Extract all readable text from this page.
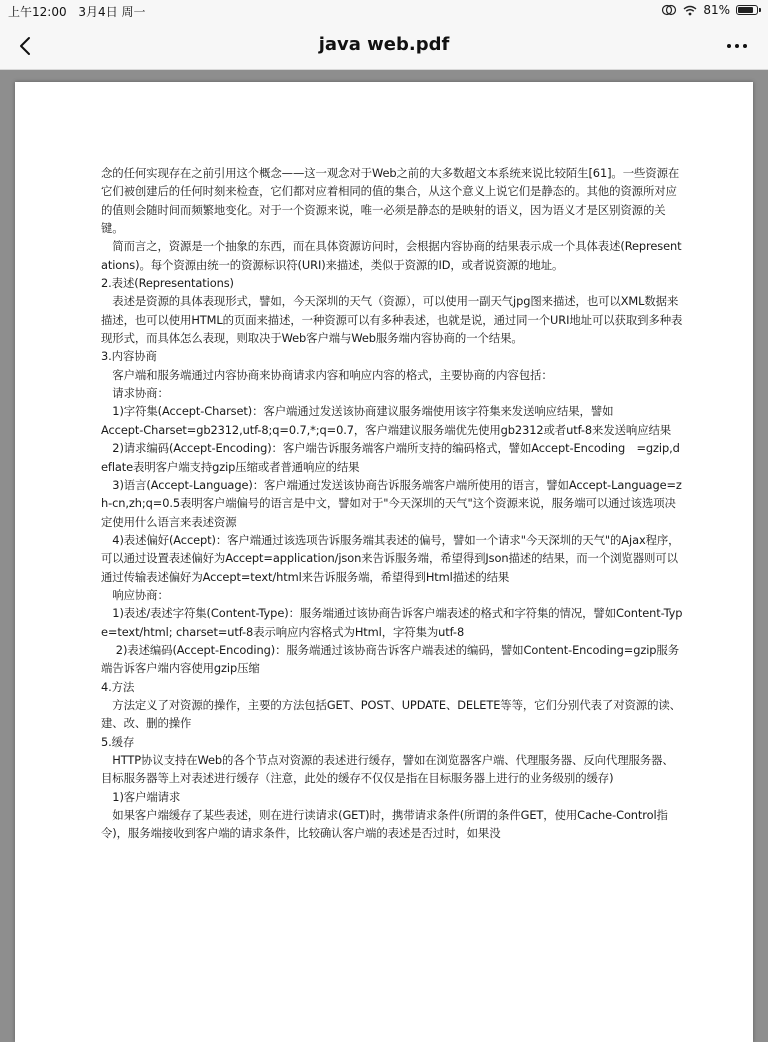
上午12:00 3月4日 周一	81%
java web.pdf

念的任何实现存在之前引用这个概念——这一观念对于Web之前的大多数超文本系统来说比较陌生[61]。一些资源在它们被创建后的任何时刻来检查，它们都对应着相同的值的集合，从这个意义上说它们是静态的。其他的资源所对应的值则会随时间而频繁地变化。对于一个资源来说，唯一必须是静态的是映射的语义，因为语义才是区别资源的关键。

　简而言之，资源是一个抽象的东西，而在具体资源访问时，会根据内容协商的结果表示成一个具体表述(Representations)。每个资源由统一的资源标识符(URI)来描述，类似于资源的ID，或者说资源的地址。

2.表述(Representations)

　表述是资源的具体表现形式，譬如，今天深圳的天气（资源），可以使用一副天气jpg图来描述，也可以XML数据来描述，也可以使用HTML的页面来描述，一种资源可以有多种表述，也就是说，通过同一个URI地址可以获取到多种表现形式，而具体怎么表现，则取决于Web客户端与Web服务端内容协商的一个结果。

3.内容协商

　客户端和服务端通过内容协商来协商请求内容和响应内容的格式，主要协商的内容包括：

　请求协商：

　1)字符集(Accept-Charset)：客户端通过发送该协商建议服务端使用该字符集来发送响应结果，譬如

Accept-Charset=gb2312,utf-8;q=0.7,*;q=0.7，客户端建议服务端优先使用gb2312或者utf-8来发送响应结果

　2)请求编码(Accept-Encoding)：客户端告诉服务端客户端所支持的编码格式，譬如Accept-Encoding　=gzip,deflate表明客户端支持gzip压缩或者普通响应的结果

　3)语言(Accept-Language)：客户端通过发送该协商告诉服务端客户端所使用的语言，譬如Accept-Language=zh-cn,zh;q=0.5表明客户端偏号的语言是中文，譬如对于"今天深圳的天气"这个资源来说，服务端可以通过该选项决定使用什么语言来表述资源

　4)表述偏好(Accept)：客户端通过该选项告诉服务端其表述的偏号，譬如一个请求"今天深圳的天气"的Ajax程序，可以通过设置表述偏好为Accept=application/json来告诉服务端，希望得到Json描述的结果，而一个浏览器则可以通过传输表述偏好为Accept=text/html来告诉服务端，希望得到Html描述的结果

　响应协商：

　1)表述/表述字符集(Content-Type)：服务端通过该协商告诉客户端表述的格式和字符集的情况，譬如Content-Type=text/html; charset=utf-8表示响应内容格式为Html，字符集为utf-8

　 2)表述编码(Accept-Encoding)：服务端通过该协商告诉客户端表述的编码，譬如Content-Encoding=gzip服务端告诉客户端内容使用gzip压缩

4.方法

　方法定义了对资源的操作，主要的方法包括GET、POST、UPDATE、DELETE等等，它们分别代表了对资源的读、建、改、删的操作

5.缓存

　HTTP协议支持在Web的各个节点对资源的表述进行缓存，譬如在浏览器客户端、代理服务器、反向代理服务器、目标服务器等上对表述进行缓存（注意，此处的缓存不仅仅是指在目标服务器上进行的业务级别的缓存)

　1)客户端请求

　如果客户端缓存了某些表述，则在进行读请求(GET)时，携带请求条件(所谓的条件GET，使用Cache-Control指令)，服务端接收到客户端的请求条件，比较确认客户端的表述是否过时，如果没
